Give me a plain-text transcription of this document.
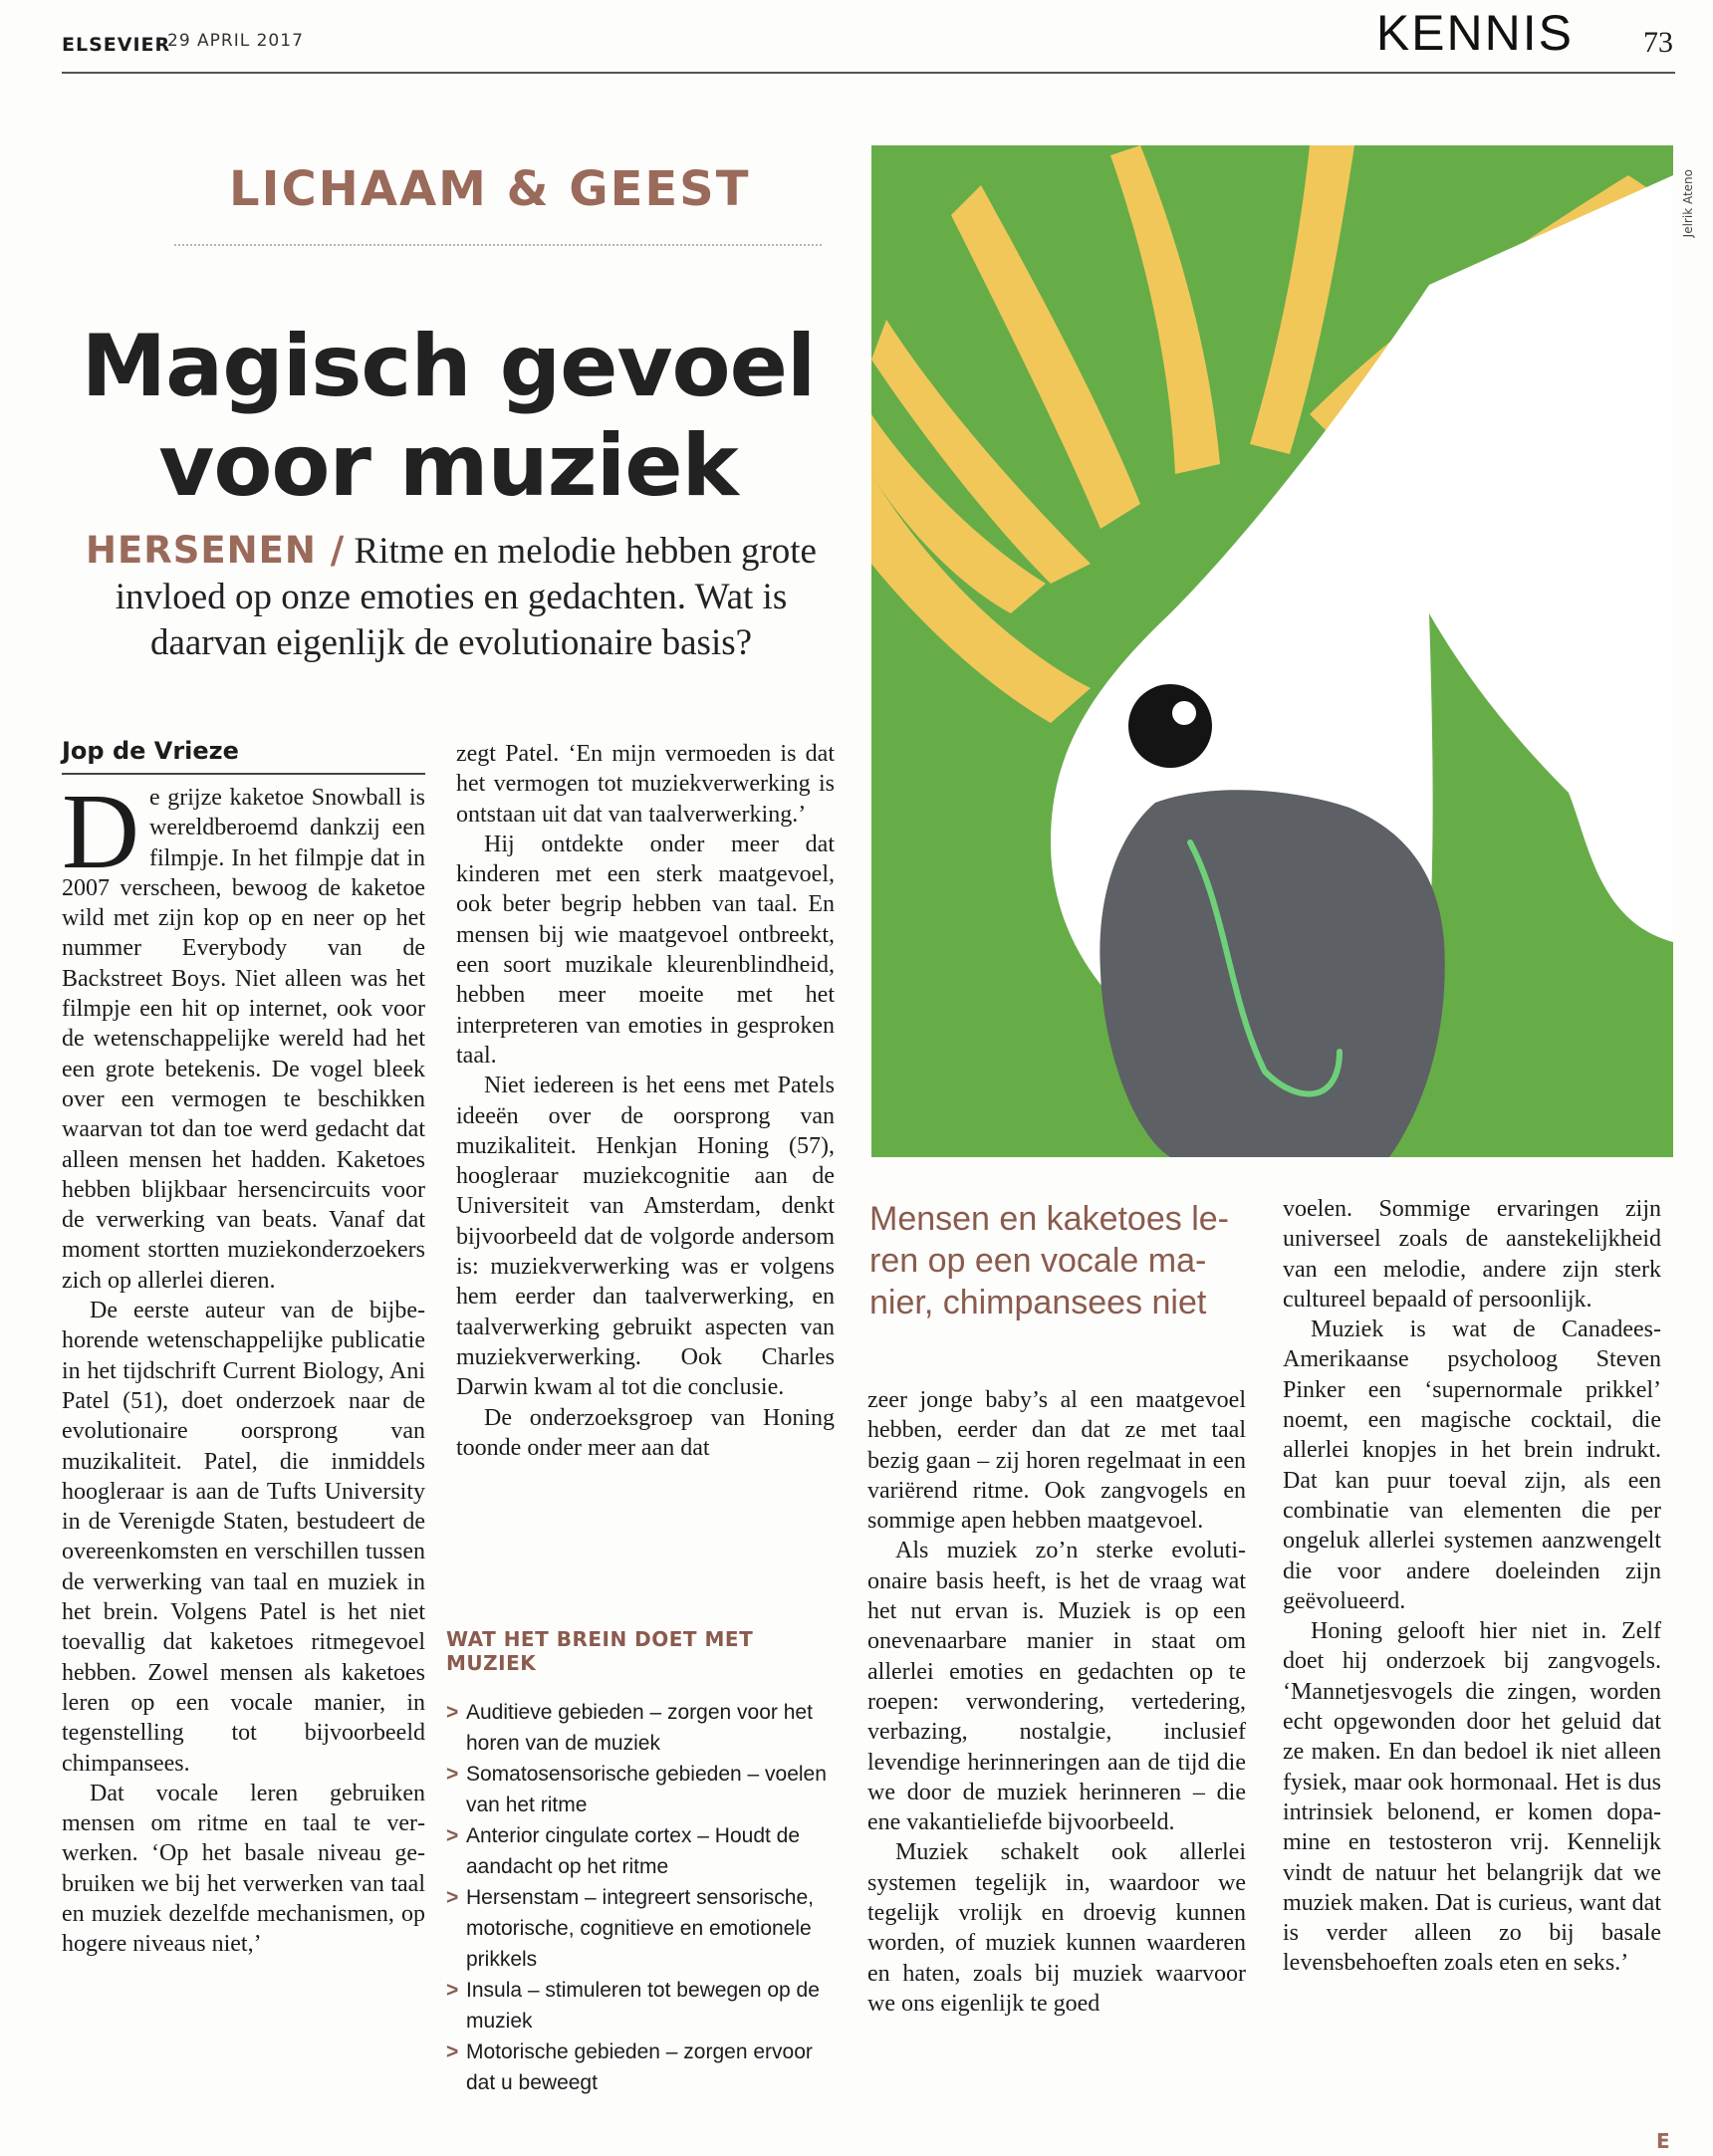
ELSEVIER
29 APRIL 2017	KENNIS 73
LICHAAM & GEEST
Magisch gevoel voor muziek
HERSENEN / Ritme en melodie hebben grote invloed op onze emoties en gedachten. Wat is daarvan eigenlijk de evolutionaire basis?
Jelrik Ateno
Jop de Vrieze

De grijze kaketoe Snowball is wereldberoemd dankzij een filmpje. In het filmpje dat in 2007 verscheen, bewoog de kaketoe wild met zijn kop op en neer op het nummer Everybody van de Backstreet Boys. Niet alleen was het filmpje een hit op internet, ook voor de wetenschappelijke wereld had het een grote betekenis. De vogel bleek over een vermogen te beschikken waarvan tot dan toe werd gedacht dat alleen mensen het hadden. Kaketoes hebben blijkbaar hersencircuits voor de verwerking van beats. Vanaf dat moment stortten muziekonderzoekers zich op allerlei dieren.

De eerste auteur van de bijbehorende wetenschappelijke publicatie in het tijdschrift Current Biology, Ani Patel (51), doet onderzoek naar de evolutionaire oorsprong van muzikaliteit. Patel, die inmiddels hoogleraar is aan de Tufts University in de Verenigde Staten, bestudeert de overeenkomsten en verschillen tussen de verwerking van taal en muziek in het brein. Volgens Patel is het niet toevallig dat kaketoes ritmegevoel hebben. Zowel mensen als kaketoes leren op een vocale manier, in tegenstelling tot bijvoorbeeld chimpansees.

Dat vocale leren gebruiken mensen om ritme en taal te verwerken. ‘Op het basale niveau gebruiken we bij het verwerken van taal en muziek dezelfde mechanismen, op hogere niveaus niet,’

zegt Patel. ‘En mijn vermoeden is dat het vermogen tot muziekverwerking is ontstaan uit dat van taalverwerking.’

Hij ontdekte onder meer dat kinderen met een sterk maatgevoel, ook beter begrip hebben van taal. En mensen bij wie maatgevoel ontbreekt, een soort muzikale kleurenblindheid, hebben meer moeite met het interpreteren van emoties in gesproken taal.

Niet iedereen is het eens met Patels ideeën over de oorsprong van muzikaliteit. Henkjan Honing (57), hoogleraar muziekcognitie aan de Universiteit van Amsterdam, denkt bijvoorbeeld dat de volgorde andersom is: muziekverwerking was er volgens hem eerder dan taalverwerking, en taalverwerking gebruikt aspecten van muziekverwerking. Ook Charles Darwin kwam al tot die conclusie.

De onderzoeksgroep van Honing toonde onder meer aan dat

WAT HET BREIN DOET MET MUZIEK
> Auditieve gebieden – zorgen voor het horen van de muziek
> Somatosensorische gebieden – voelen van het ritme
> Anterior cingulate cortex – Houdt de aandacht op het ritme
> Hersenstam – integreert sensorische, motorische, cognitieve en emotionele prikkels
> Insula – stimuleren tot bewegen op de muziek
> Motorische gebieden – zorgen ervoor dat u beweegt
Mensen en kaketoes leren op een vocale manier, chimpansees niet

zeer jonge baby’s al een maatgevoel hebben, eerder dan dat ze met taal bezig gaan – zij horen regelmaat in een variërend ritme. Ook zangvogels en sommige apen hebben maatgevoel.

Als muziek zo’n sterke evolutionaire basis heeft, is het de vraag wat het nut ervan is. Muziek is op een onevenaarbare manier in staat om allerlei emoties en gedachten op te roepen: verwondering, vertedering, verbazing, nostalgie, inclusief levendige herinneringen aan de tijd die we door de muziek herinneren – die ene vakantieliefde bijvoorbeeld.

Muziek schakelt ook allerlei systemen tegelijk in, waardoor we tegelijk vrolijk en droevig kunnen worden, of muziek kunnen waarderen en haten, zoals bij muziek waarvoor we ons eigenlijk te goed

voelen. Sommige ervaringen zijn universeel zoals de aanstekelijkheid van een melodie, andere zijn sterk cultureel bepaald of persoonlijk.

Muziek is wat de Canadees-Amerikaanse psycholoog Steven Pinker een ‘supernormale prikkel’ noemt, een magische cocktail, die allerlei knopjes in het brein indrukt. Dat kan puur toeval zijn, als een combinatie van elementen die per ongeluk allerlei systemen aanzwengelt die voor andere doeleinden zijn geëvolueerd.

Honing gelooft hier niet in. Zelf doet hij onderzoek bij zangvogels. ‘Mannetjesvogels die zingen, worden echt opgewonden door het geluid dat ze maken. En dan bedoel ik niet alleen fysiek, maar ook hormonaal. Het is dus intrinsiek belonend, er komen dopamine en testosteron vrij. Kennelijk vindt de natuur het belangrijk dat we muziek maken. Dat is curieus, want dat is verder alleen zo bij basale levensbehoeften zoals eten en seks.’

E
